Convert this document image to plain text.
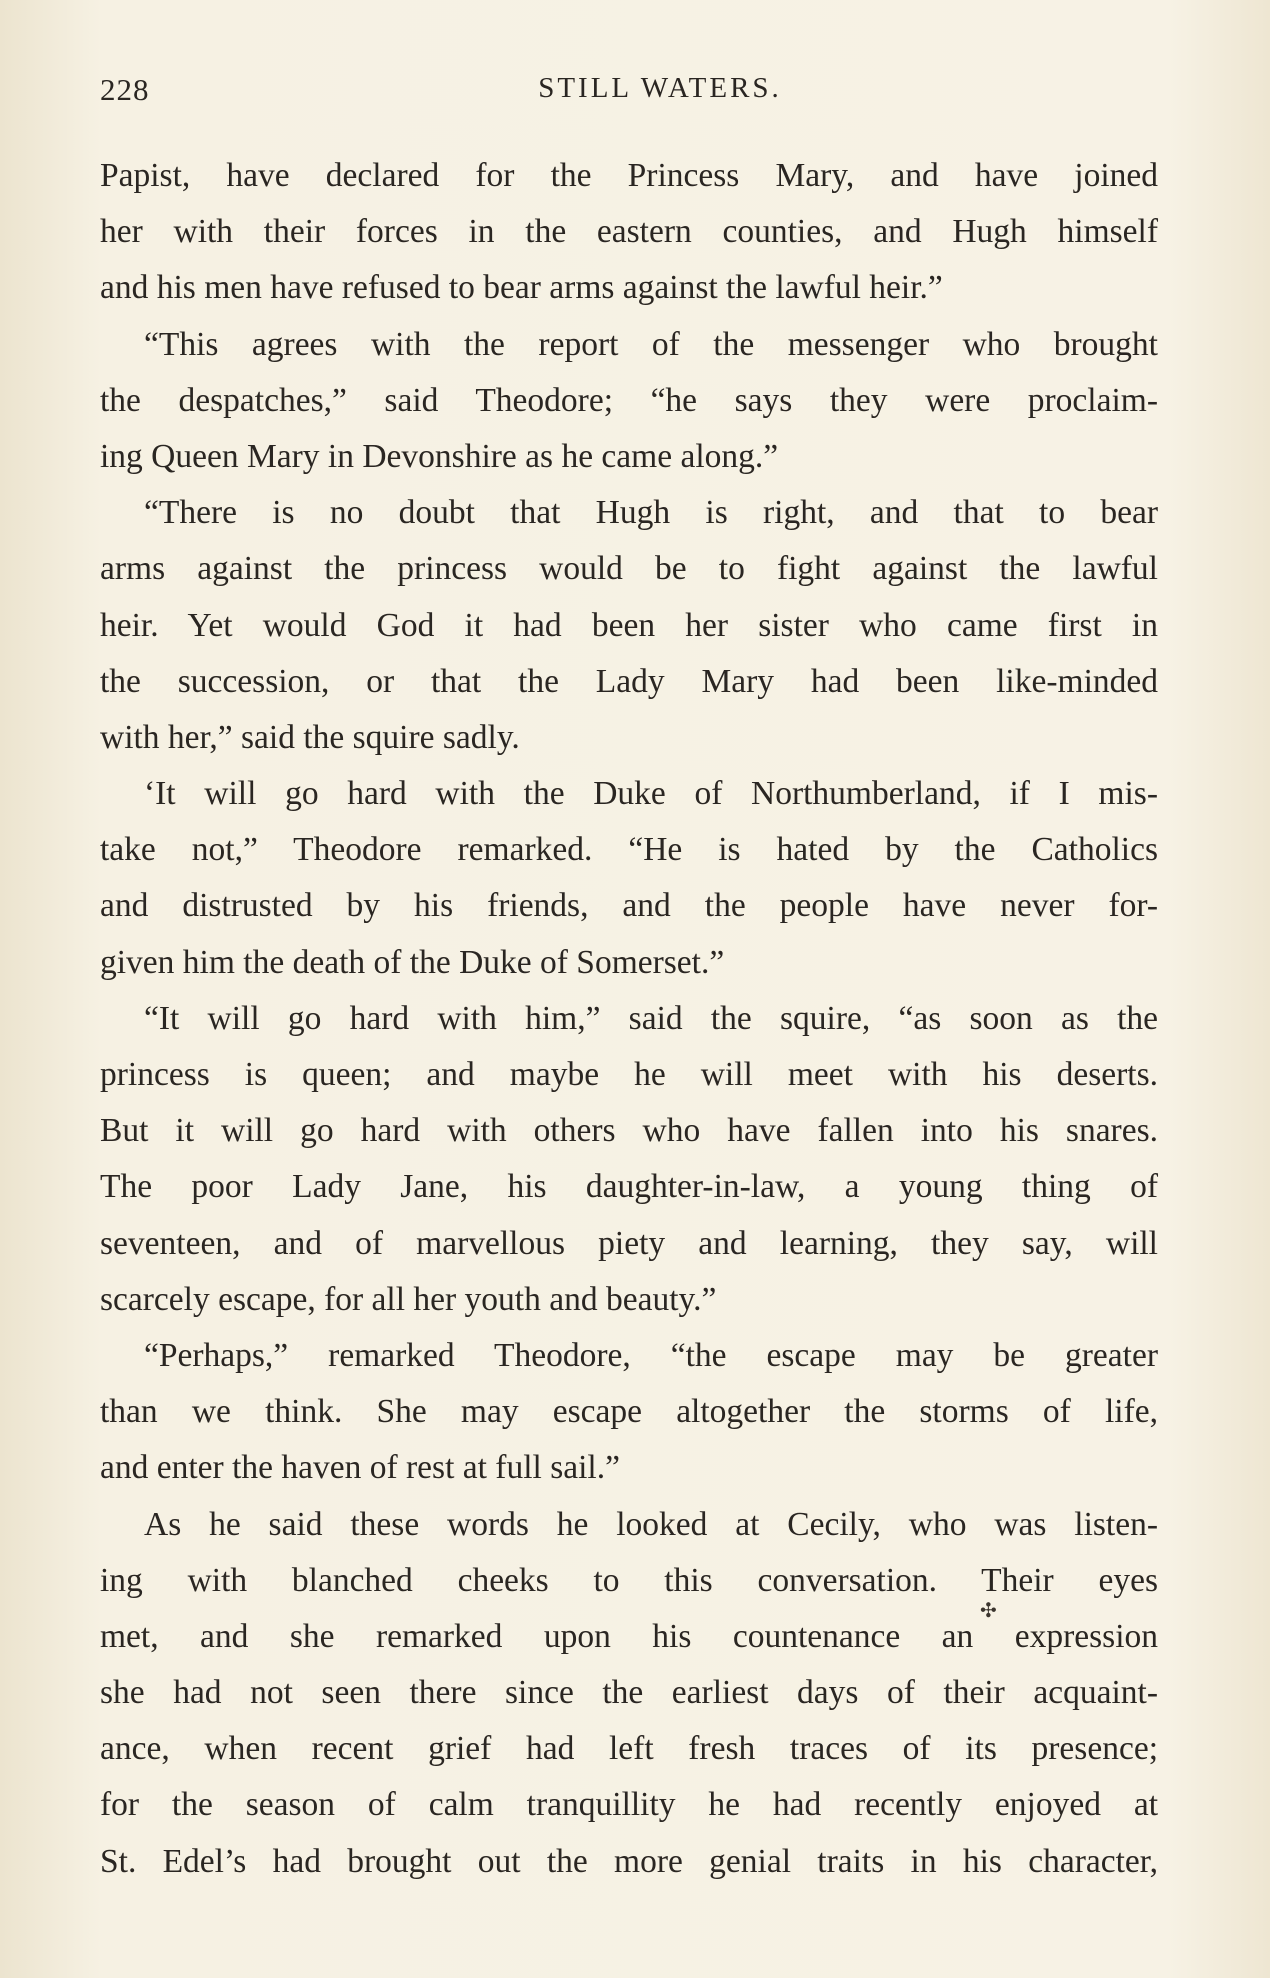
228	STILL WATERS.
Papist, have declared for the Princess Mary, and have joined
her with their forces in the eastern counties, and Hugh himself
and his men have refused to bear arms against the lawful heir.”
“This agrees with the report of the messenger who brought
the despatches,” said Theodore; “he says they were proclaim-
ing Queen Mary in Devonshire as he came along.”
“There is no doubt that Hugh is right, and that to bear
arms against the princess would be to fight against the lawful
heir. Yet would God it had been her sister who came first in
the succession, or that the Lady Mary had been like-minded
with her,” said the squire sadly.
‘It will go hard with the Duke of Northumberland, if I mis-
take not,” Theodore remarked. “He is hated by the Catholics
and distrusted by his friends, and the people have never for-
given him the death of the Duke of Somerset.”
“It will go hard with him,” said the squire, “as soon as the
princess is queen; and maybe he will meet with his deserts.
But it will go hard with others who have fallen into his snares.
The poor Lady Jane, his daughter-in-law, a young thing of
seventeen, and of marvellous piety and learning, they say, will
scarcely escape, for all her youth and beauty.”
“Perhaps,” remarked Theodore, “the escape may be greater
than we think. She may escape altogether the storms of life,
and enter the haven of rest at full sail.”
As he said these words he looked at Cecily, who was listen-
ing with blanched cheeks to this conversation. Their eyes
met, and she remarked upon his countenance an expression
she had not seen there since the earliest days of their acquaint-
ance, when recent grief had left fresh traces of its presence;
for the season of calm tranquillity he had recently enjoyed at
St. Edel’s had brought out the more genial traits in his character,
✣
